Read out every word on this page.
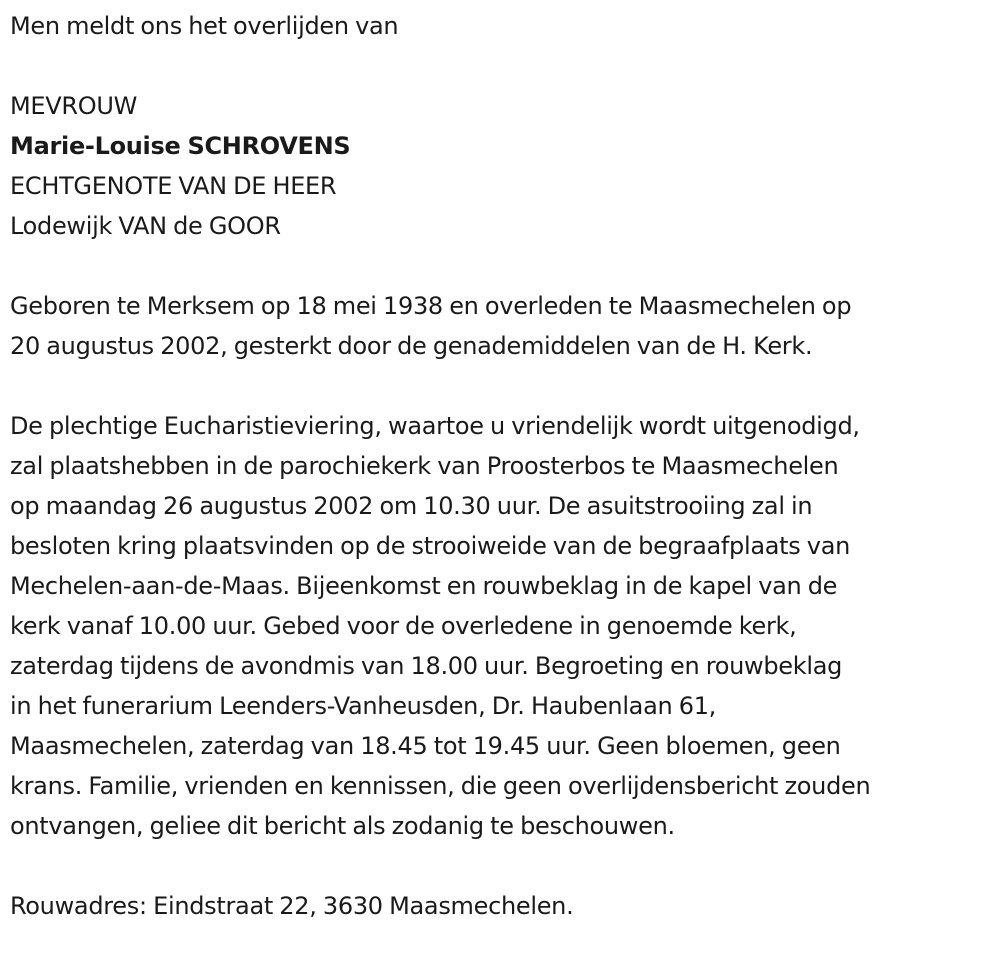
Men meldt ons het overlijden van
MEVROUW
Marie-Louise SCHROVENS
ECHTGENOTE VAN DE HEER
Lodewijk VAN de GOOR
Geboren te Merksem op 18 mei 1938 en overleden te Maasmechelen op
20 augustus 2002, gesterkt door de genademiddelen van de H. Kerk.
De plechtige Eucharistieviering, waartoe u vriendelijk wordt uitgenodigd,
zal plaatshebben in de parochiekerk van Proosterbos te Maasmechelen
op maandag 26 augustus 2002 om 10.30 uur. De asuitstrooiing zal in
besloten kring plaatsvinden op de strooiweide van de begraafplaats van
Mechelen-aan-de-Maas. Bijeenkomst en rouwbeklag in de kapel van de
kerk vanaf 10.00 uur. Gebed voor de overledene in genoemde kerk,
zaterdag tijdens de avondmis van 18.00 uur. Begroeting en rouwbeklag
in het funerarium Leenders-Vanheusden, Dr. Haubenlaan 61,
Maasmechelen, zaterdag van 18.45 tot 19.45 uur. Geen bloemen, geen
krans. Familie, vrienden en kennissen, die geen overlijdensbericht zouden
ontvangen, geliee dit bericht als zodanig te beschouwen.
Rouwadres: Eindstraat 22, 3630 Maasmechelen.
